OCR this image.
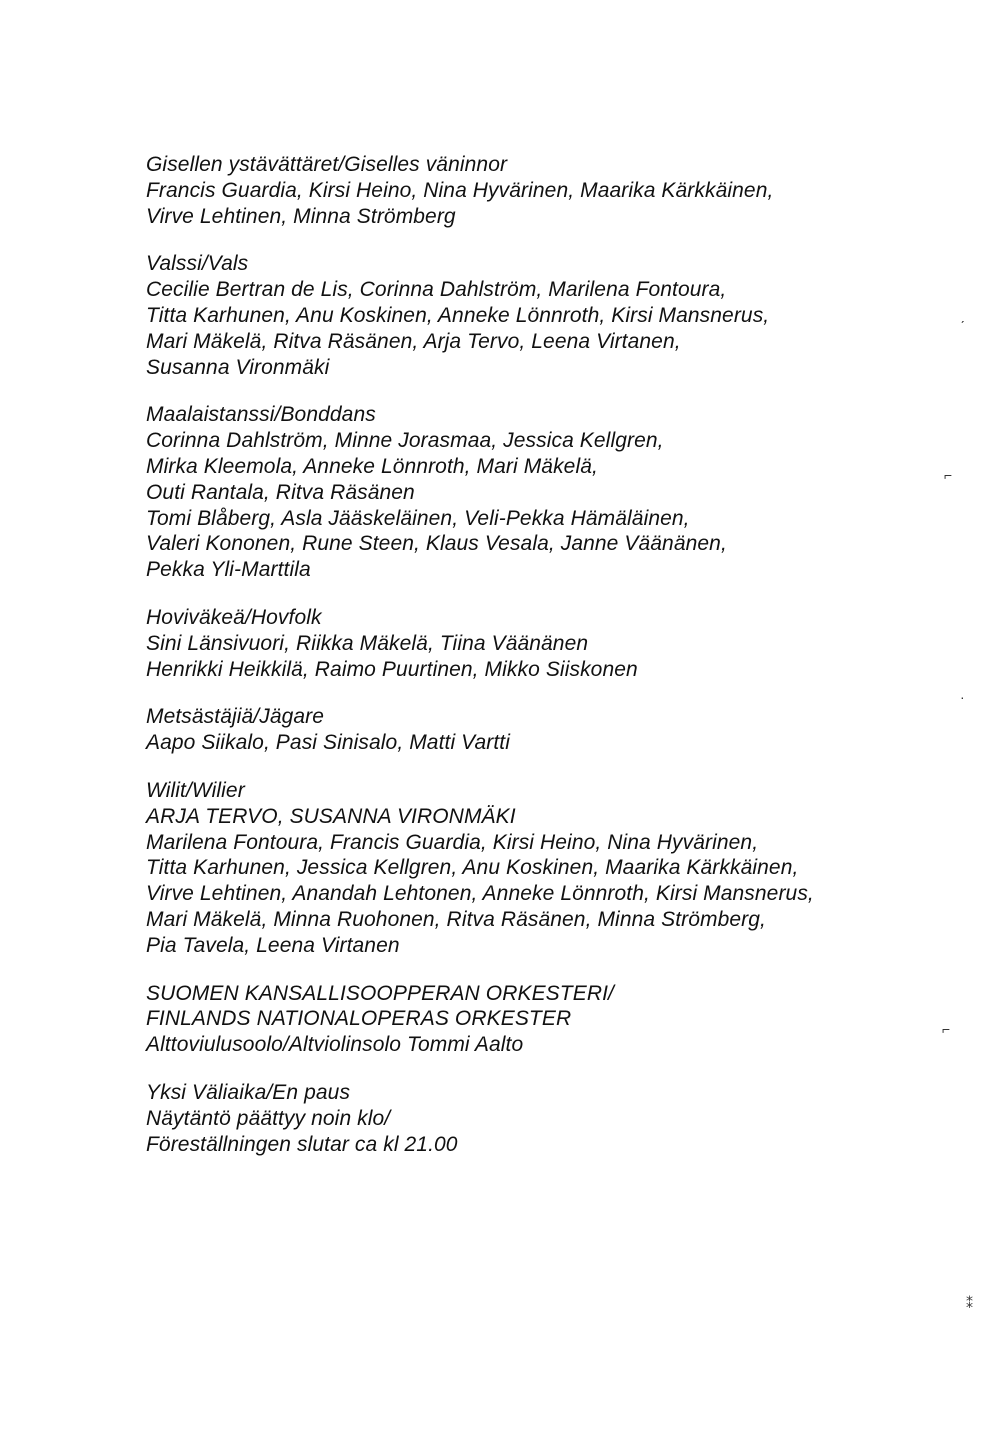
Gisellen ystävättäret/Giselles väninnor
Francis Guardia, Kirsi Heino, Nina Hyvärinen, Maarika Kärkkäinen,
Virve Lehtinen, Minna Strömberg
Valssi/Vals
Cecilie Bertran de Lis, Corinna Dahlström, Marilena Fontoura,
Titta Karhunen, Anu Koskinen, Anneke Lönnroth, Kirsi Mansnerus,
Mari Mäkelä, Ritva Räsänen, Arja Tervo, Leena Virtanen,
Susanna Vironmäki
Maalaistanssi/Bonddans
Corinna Dahlström, Minne Jorasmaa, Jessica Kellgren,
Mirka Kleemola, Anneke Lönnroth, Mari Mäkelä,
Outi Rantala, Ritva Räsänen
Tomi Blåberg, Asla Jääskeläinen, Veli-Pekka Hämäläinen,
Valeri Kononen, Rune Steen, Klaus Vesala, Janne Väänänen,
Pekka Yli-Marttila
Hoviväkeä/Hovfolk
Sini Länsivuori, Riikka Mäkelä, Tiina Väänänen
Henrikki Heikkilä, Raimo Puurtinen, Mikko Siiskonen
Metsästäjiä/Jägare
Aapo Siikalo, Pasi Sinisalo, Matti Vartti
Wilit/Wilier
ARJA TERVO, SUSANNA VIRONMÄKI
Marilena Fontoura, Francis Guardia, Kirsi Heino, Nina Hyvärinen,
Titta Karhunen, Jessica Kellgren, Anu Koskinen, Maarika Kärkkäinen,
Virve Lehtinen, Anandah Lehtonen, Anneke Lönnroth, Kirsi Mansnerus,
Mari Mäkelä, Minna Ruohonen, Ritva Räsänen, Minna Strömberg,
Pia Tavela, Leena Virtanen
SUOMEN KANSALLISOOPPERAN ORKESTERI/
FINLANDS NATIONALOPERAS ORKESTER
Alttoviulusoolo/Altviolinsolo Tommi Aalto
Yksi Väliaika/En paus
Näytäntö päättyy noin klo/
Föreställningen slutar ca kl 21.00
ˏ
⌐
·
⌐
⁑
